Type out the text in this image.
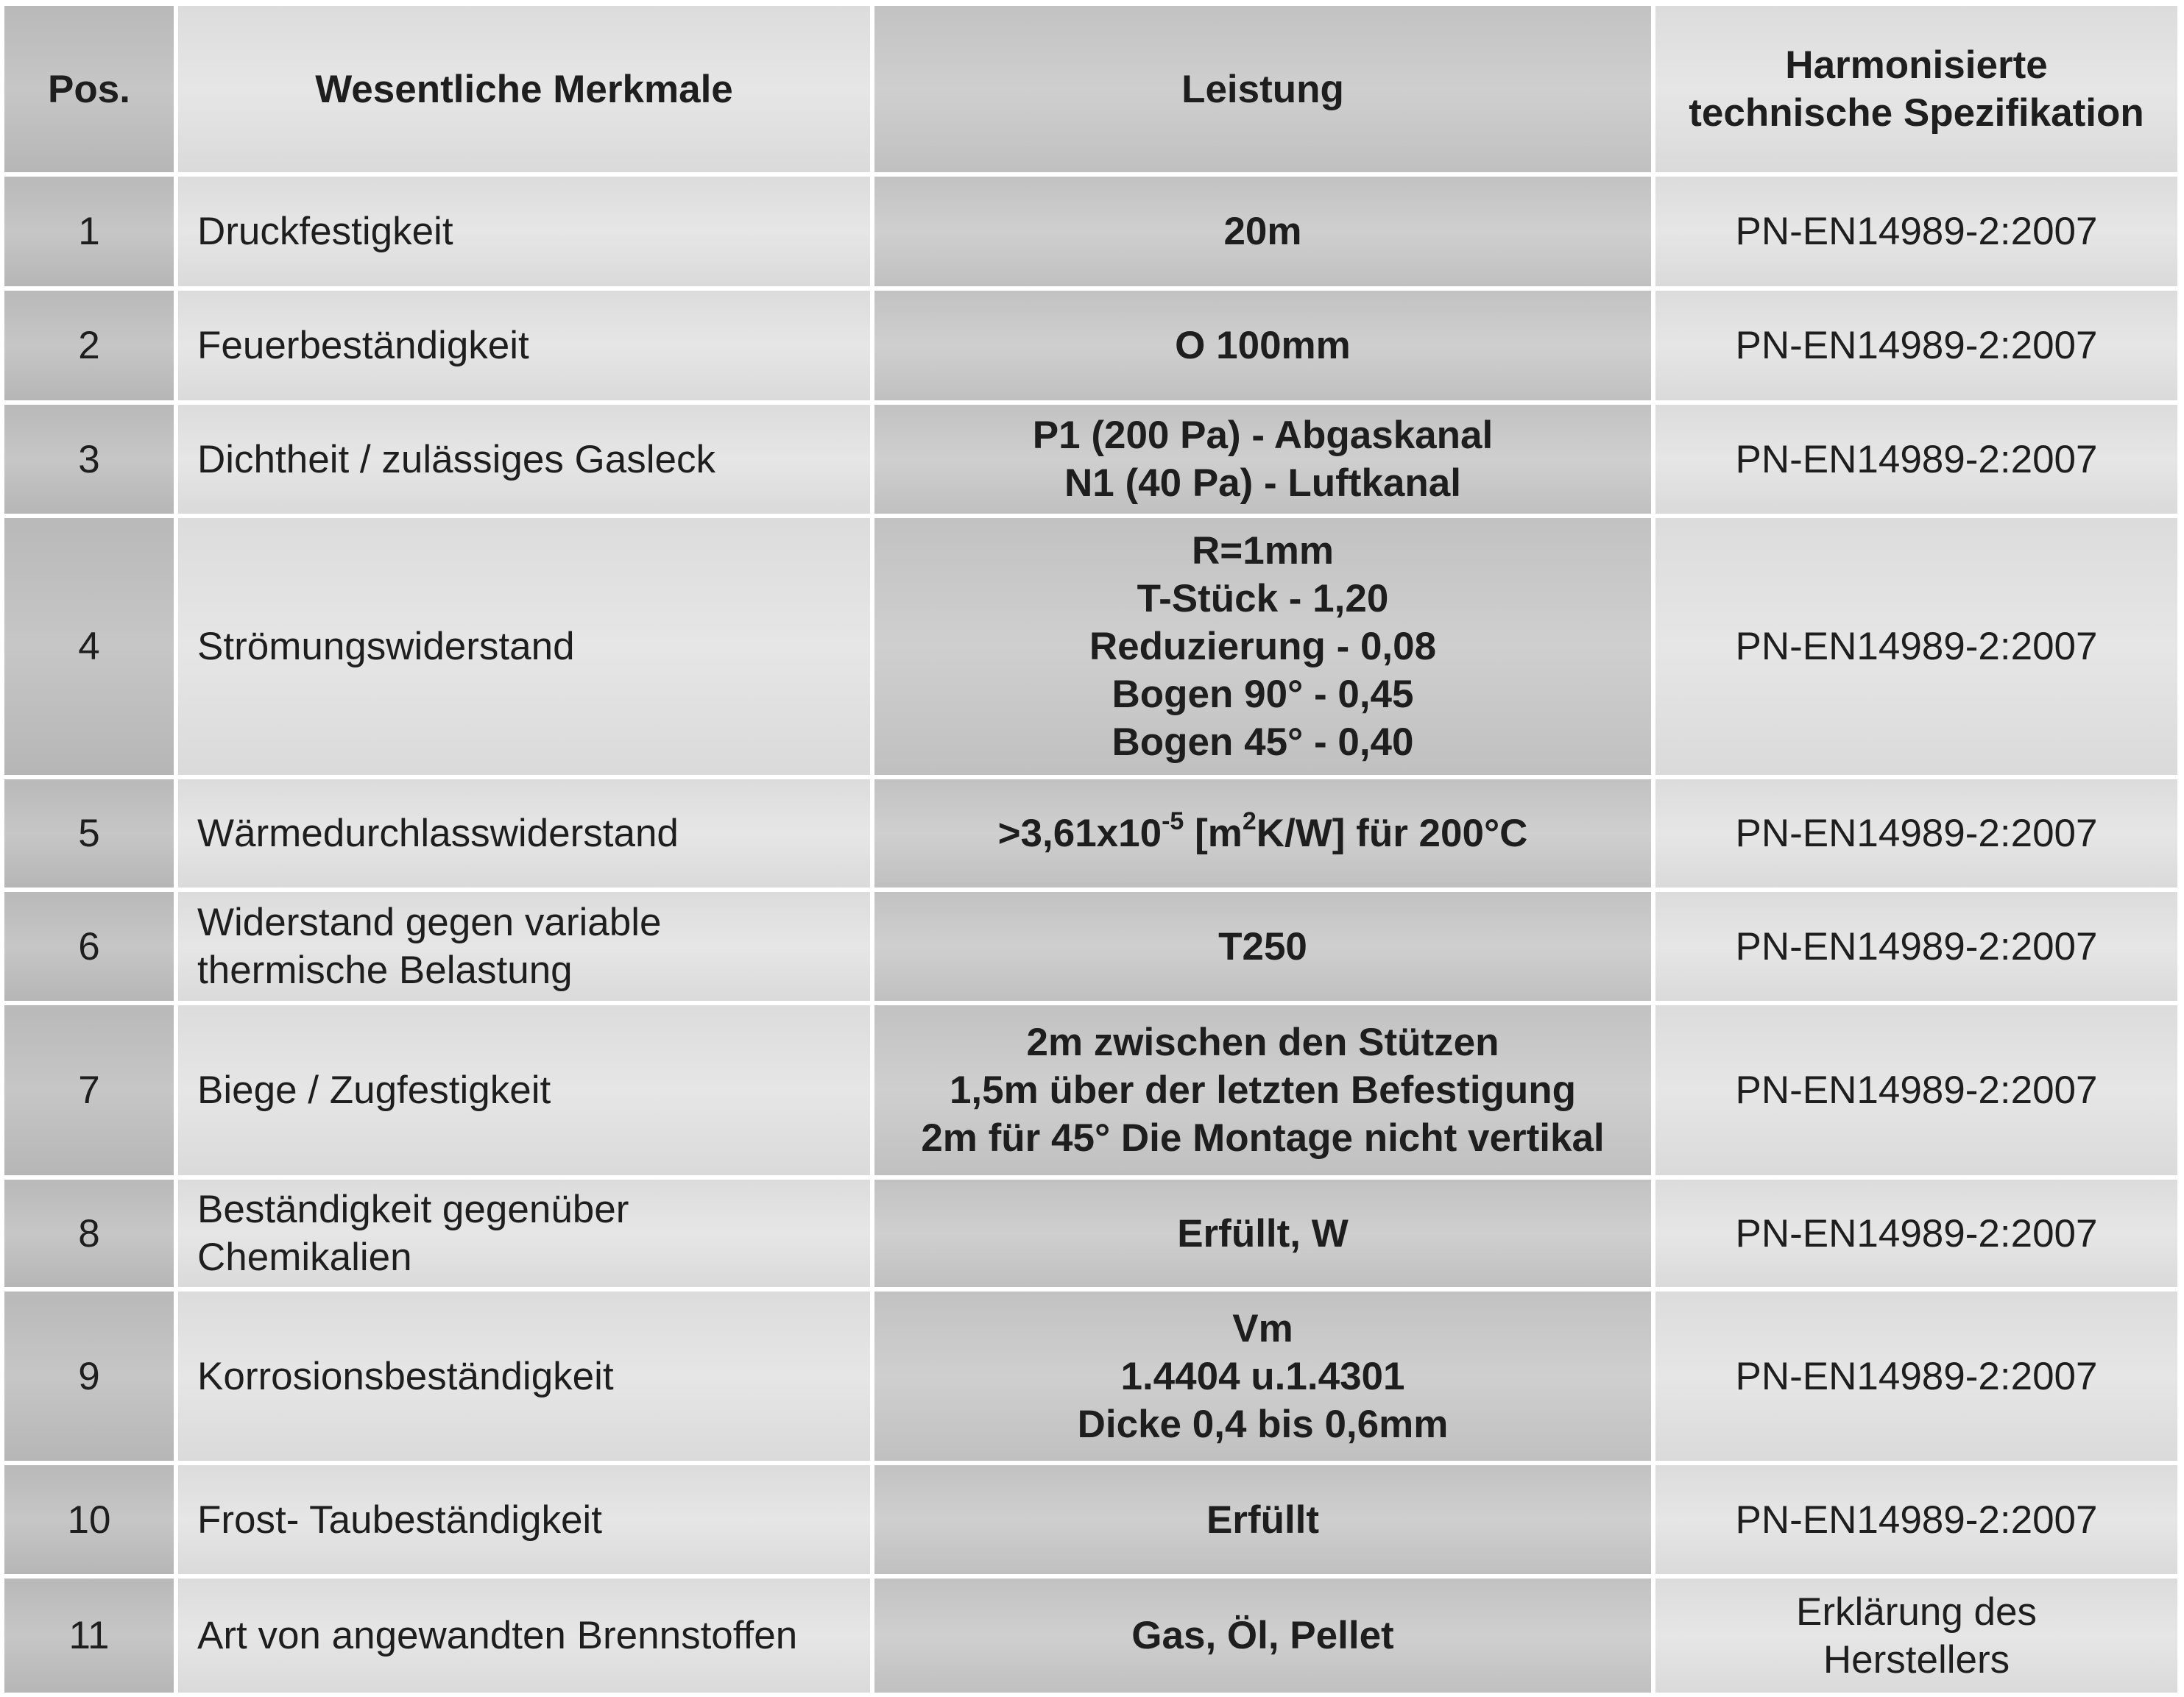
Pos.	Wesentliche Merkmale	Leistung	Harmonisierte
technische Spezifikation

1	Druckfestigkeit	20m	PN-EN14989-2:2007

2	Feuerbeständigkeit	O 100mm	PN-EN14989-2:2007

3	Dichtheit / zulässiges Gasleck	P1 (200 Pa) - Abgaskanal
N1 (40 Pa) - Luftkanal	PN-EN14989-2:2007

4	Strömungswiderstand	R=1mm
T-Stück - 1,20
Reduzierung - 0,08
Bogen 90° - 0,45
Bogen 45° - 0,40	PN-EN14989-2:2007

5	Wärmedurchlasswiderstand	$>3,61x10^{-5}$ $[m^2K/W]$ für 200°C	PN-EN14989-2:2007

6	Widerstand gegen variable
thermische Belastung	T250	PN-EN14989-2:2007

7	Biege / Zugfestigkeit	2m zwischen den Stützen
1,5m über der letzten Befestigung
2m für 45° Die Montage nicht vertikal	PN-EN14989-2:2007

8	Beständigkeit gegenüber
Chemikalien	Erfüllt, W	PN-EN14989-2:2007

9	Korrosionsbeständigkeit	Vm
1.4404 u.1.4301
Dicke 0,4 bis 0,6mm	PN-EN14989-2:2007

10	Frost- Taubeständigkeit	Erfüllt	PN-EN14989-2:2007

11	Art von angewandten Brennstoffen	Gas, Öl, Pellet	Erklärung des
Herstellers
